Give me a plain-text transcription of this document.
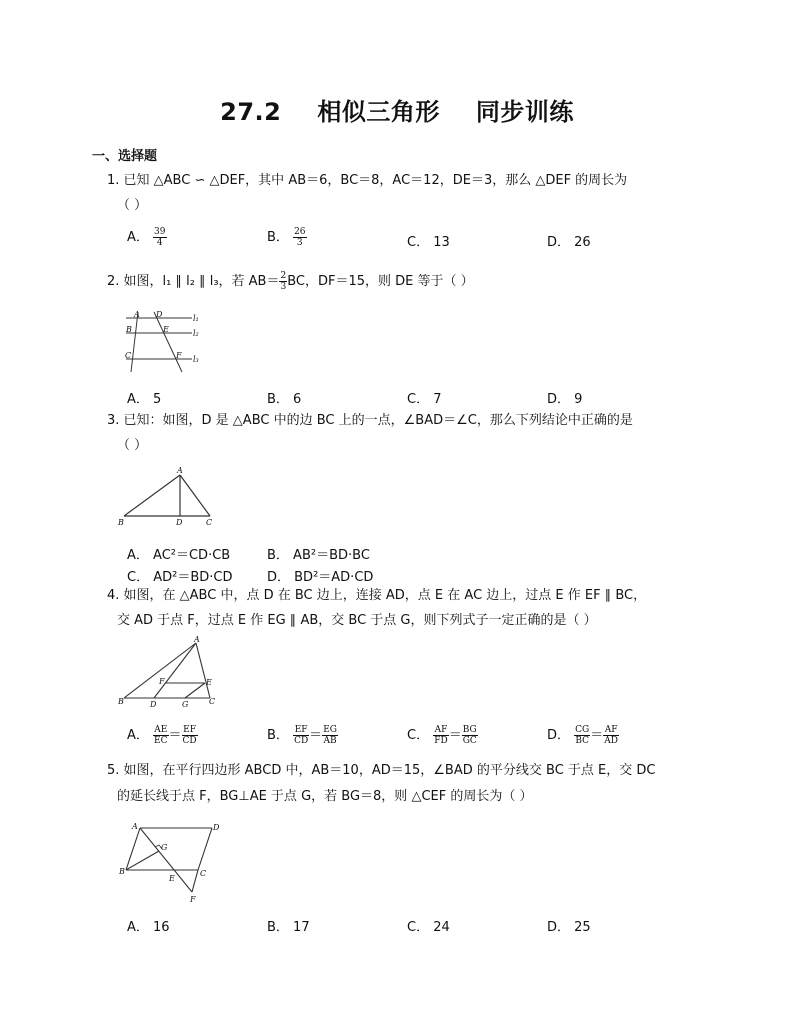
27.2 相似三角形 同步训练
一、选择题
1. 已知 △ABC ∽ △DEF，其中 AB＝6，BC＝8，AC＝12，DE＝3，那么 △DEF 的周长为
（ ）
A． $\frac{39}{4}$	B． $\frac{26}{3}$	C． 13	D． 26
2. 如图，l₁ ∥ l₂ ∥ l₃，若 $AB= \frac{2}{3}$ BC，DF＝15，则 DE 等于（ ）
A D
B	E
C	F
l₁
l₂
l₃
A． 5	B． 6	C． 7	D． 9
3. 已知：如图，D 是 △ABC 中的边 BC 上的一点，∠BAD＝∠C，那么下列结论中正确的是
（ ）
A
B	D	C
A． AC²＝CD·CB	B． AB²＝BD·BC
C． AD²＝BD·CD	D． BD²＝AD·CD
4. 如图，在 △ABC 中，点 D 在 BC 边上，连接 AD，点 E 在 AC 边上，过点 E 作 EF ∥ BC，
交 AD 于点 F，过点 E 作 EG ∥ AB，交 BC 于点 G，则下列式子一定正确的是（ ）
A
F	E
B	D	G	C
A． $\frac{AE}{EC} = \frac{EF}{CD}$	B． $\frac{EF}{CD} = \frac{EG}{AB}$	C． $\frac{AF}{FD} = \frac{BG}{GC}$	D． $\frac{CG}{BC} = \frac{AF}{AD}$
5. 如图，在平行四边形 ABCD 中，AB＝10，AD＝15，∠BAD 的平分线交 BC 于点 E，交 DC
的延长线于点 F，BG⊥AE 于点 G，若 BG＝8，则 △CEF 的周长为（ ）
A	D
G
B
E
C
F
A． 16	B． 17	C． 24	D． 25
